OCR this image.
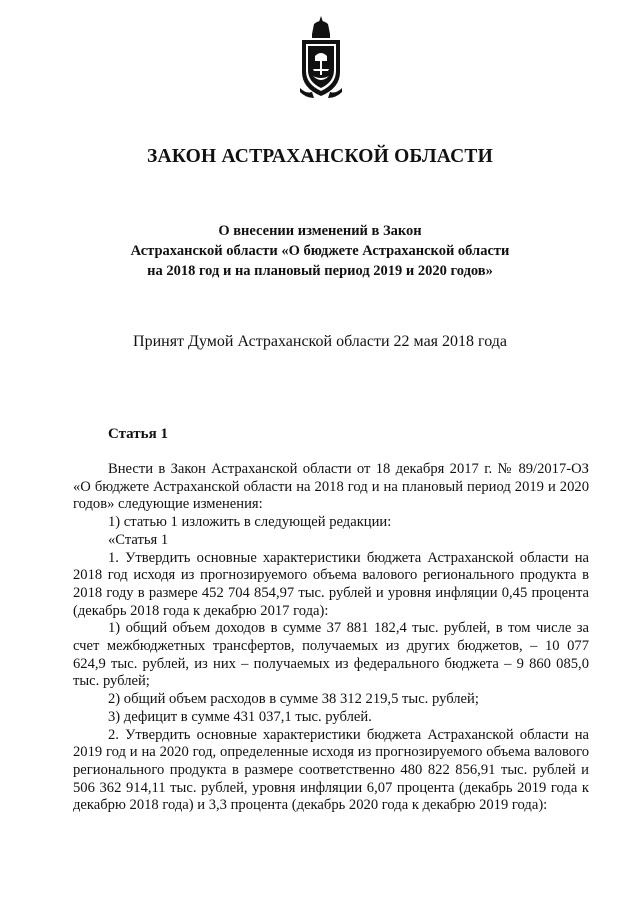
ЗАКОН АСТРАХАНСКОЙ ОБЛАСТИ
О внесении изменений в Закон
Астраханской области «О бюджете Астраханской области
на 2018 год и на плановый период 2019 и 2020 годов»
Принят Думой Астраханской области 22 мая 2018 года
Статья 1

Внести в Закон Астраханской области от 18 декабря 2017 г. № 89/2017-ОЗ «О бюджете Астраханской области на 2018 год и на плановый период 2019 и 2020 годов» следующие изменения:

1) статью 1 изложить в следующей редакции:

«Статья 1

1. Утвердить основные характеристики бюджета Астраханской области на 2018 год исходя из прогнозируемого объема валового регионального продукта в 2018 году в размере 452 704 854,97 тыс. рублей и уровня инфляции 0,45 процента (декабрь 2018 года к декабрю 2017 года):

1) общий объем доходов в сумме 37 881 182,4 тыс. рублей, в том числе за счет межбюджетных трансфертов, получаемых из других бюджетов, – 10 077 624,9 тыс. рублей, из них – получаемых из федерального бюджета – 9 860 085,0 тыс. рублей;

2) общий объем расходов в сумме 38 312 219,5 тыс. рублей;

3) дефицит в сумме 431 037,1 тыс. рублей.

2. Утвердить основные характеристики бюджета Астраханской области на 2019 год и на 2020 год, определенные исходя из прогнозируемого объема валового регионального продукта в размере соответственно 480 822 856,91 тыс. рублей и 506 362 914,11 тыс. рублей, уровня инфляции 6,07 процента (декабрь 2019 года к декабрю 2018 года) и 3,3 процента (декабрь 2020 года к декабрю 2019 года):
